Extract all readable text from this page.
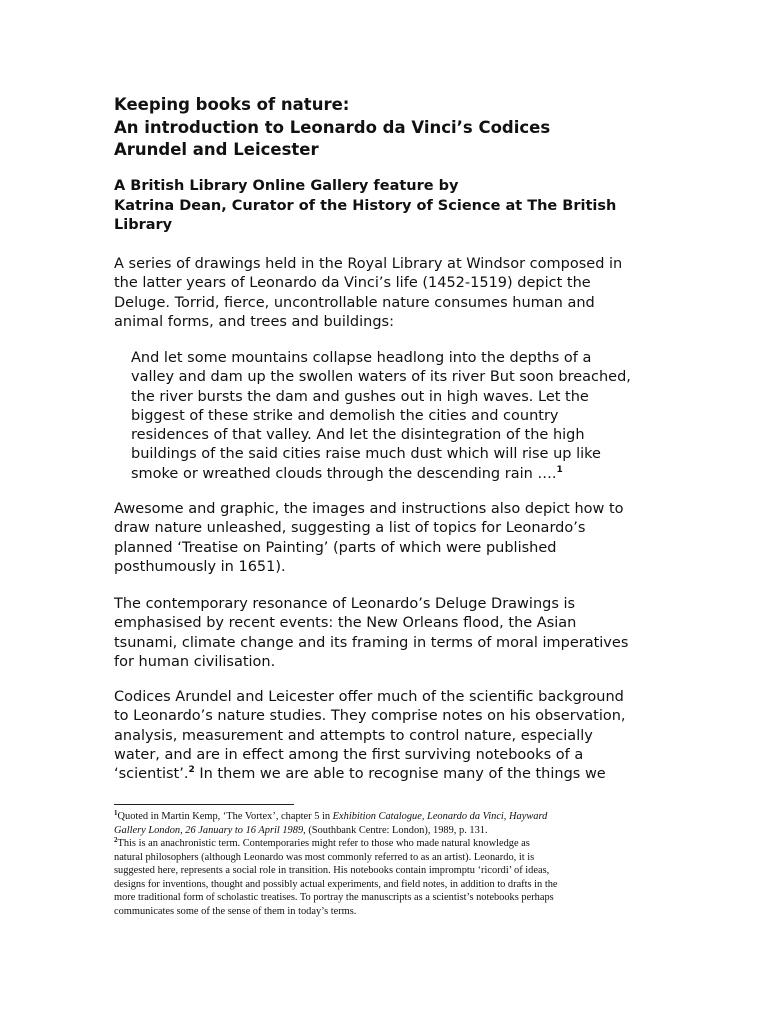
Keeping books of nature:
An introduction to Leonardo da Vinci’s Codices
Arundel and Leicester
A British Library Online Gallery feature by
Katrina Dean, Curator of the History of Science at The British
Library

A series of drawings held in the Royal Library at Windsor composed in
the latter years of Leonardo da Vinci’s life (1452-1519) depict the
Deluge. Torrid, fierce, uncontrollable nature consumes human and
animal forms, and trees and buildings:

And let some mountains collapse headlong into the depths of a
valley and dam up the swollen waters of its river But soon breached,
the river bursts the dam and gushes out in high waves. Let the
biggest of these strike and demolish the cities and country
residences of that valley. And let the disintegration of the high
buildings of the said cities raise much dust which will rise up like
smoke or wreathed clouds through the descending rain ….$^1$

Awesome and graphic, the images and instructions also depict how to
draw nature unleashed, suggesting a list of topics for Leonardo’s
planned ‘Treatise on Painting’ (parts of which were published
posthumously in 1651).

The contemporary resonance of Leonardo’s Deluge Drawings is
emphasised by recent events: the New Orleans flood, the Asian
tsunami, climate change and its framing in terms of moral imperatives
for human civilisation.

Codices Arundel and Leicester offer much of the scientific background
to Leonardo’s nature studies. They comprise notes on his observation,
analysis, measurement and attempts to control nature, especially
water, and are in effect among the first surviving notebooks of a
‘scientist’.$^2$ In them we are able to recognise many of the things we

$^1$Quoted in Martin Kemp, ‘The Vortex’, chapter 5 in Exhibition Catalogue, Leonardo da Vinci, Hayward
Gallery London, 26 January to 16 April 1989, (Southbank Centre: London), 1989, p. 131.
$^2$This is an anachronistic term. Contemporaries might refer to those who made natural knowledge as
natural philosophers (although Leonardo was most commonly referred to as an artist). Leonardo, it is
suggested here, represents a social role in transition. His notebooks contain impromptu ‘ricordi’ of ideas,
designs for inventions, thought and possibly actual experiments, and field notes, in addition to drafts in the
more traditional form of scholastic treatises. To portray the manuscripts as a scientist’s notebooks perhaps
communicates some of the sense of them in today’s terms.
